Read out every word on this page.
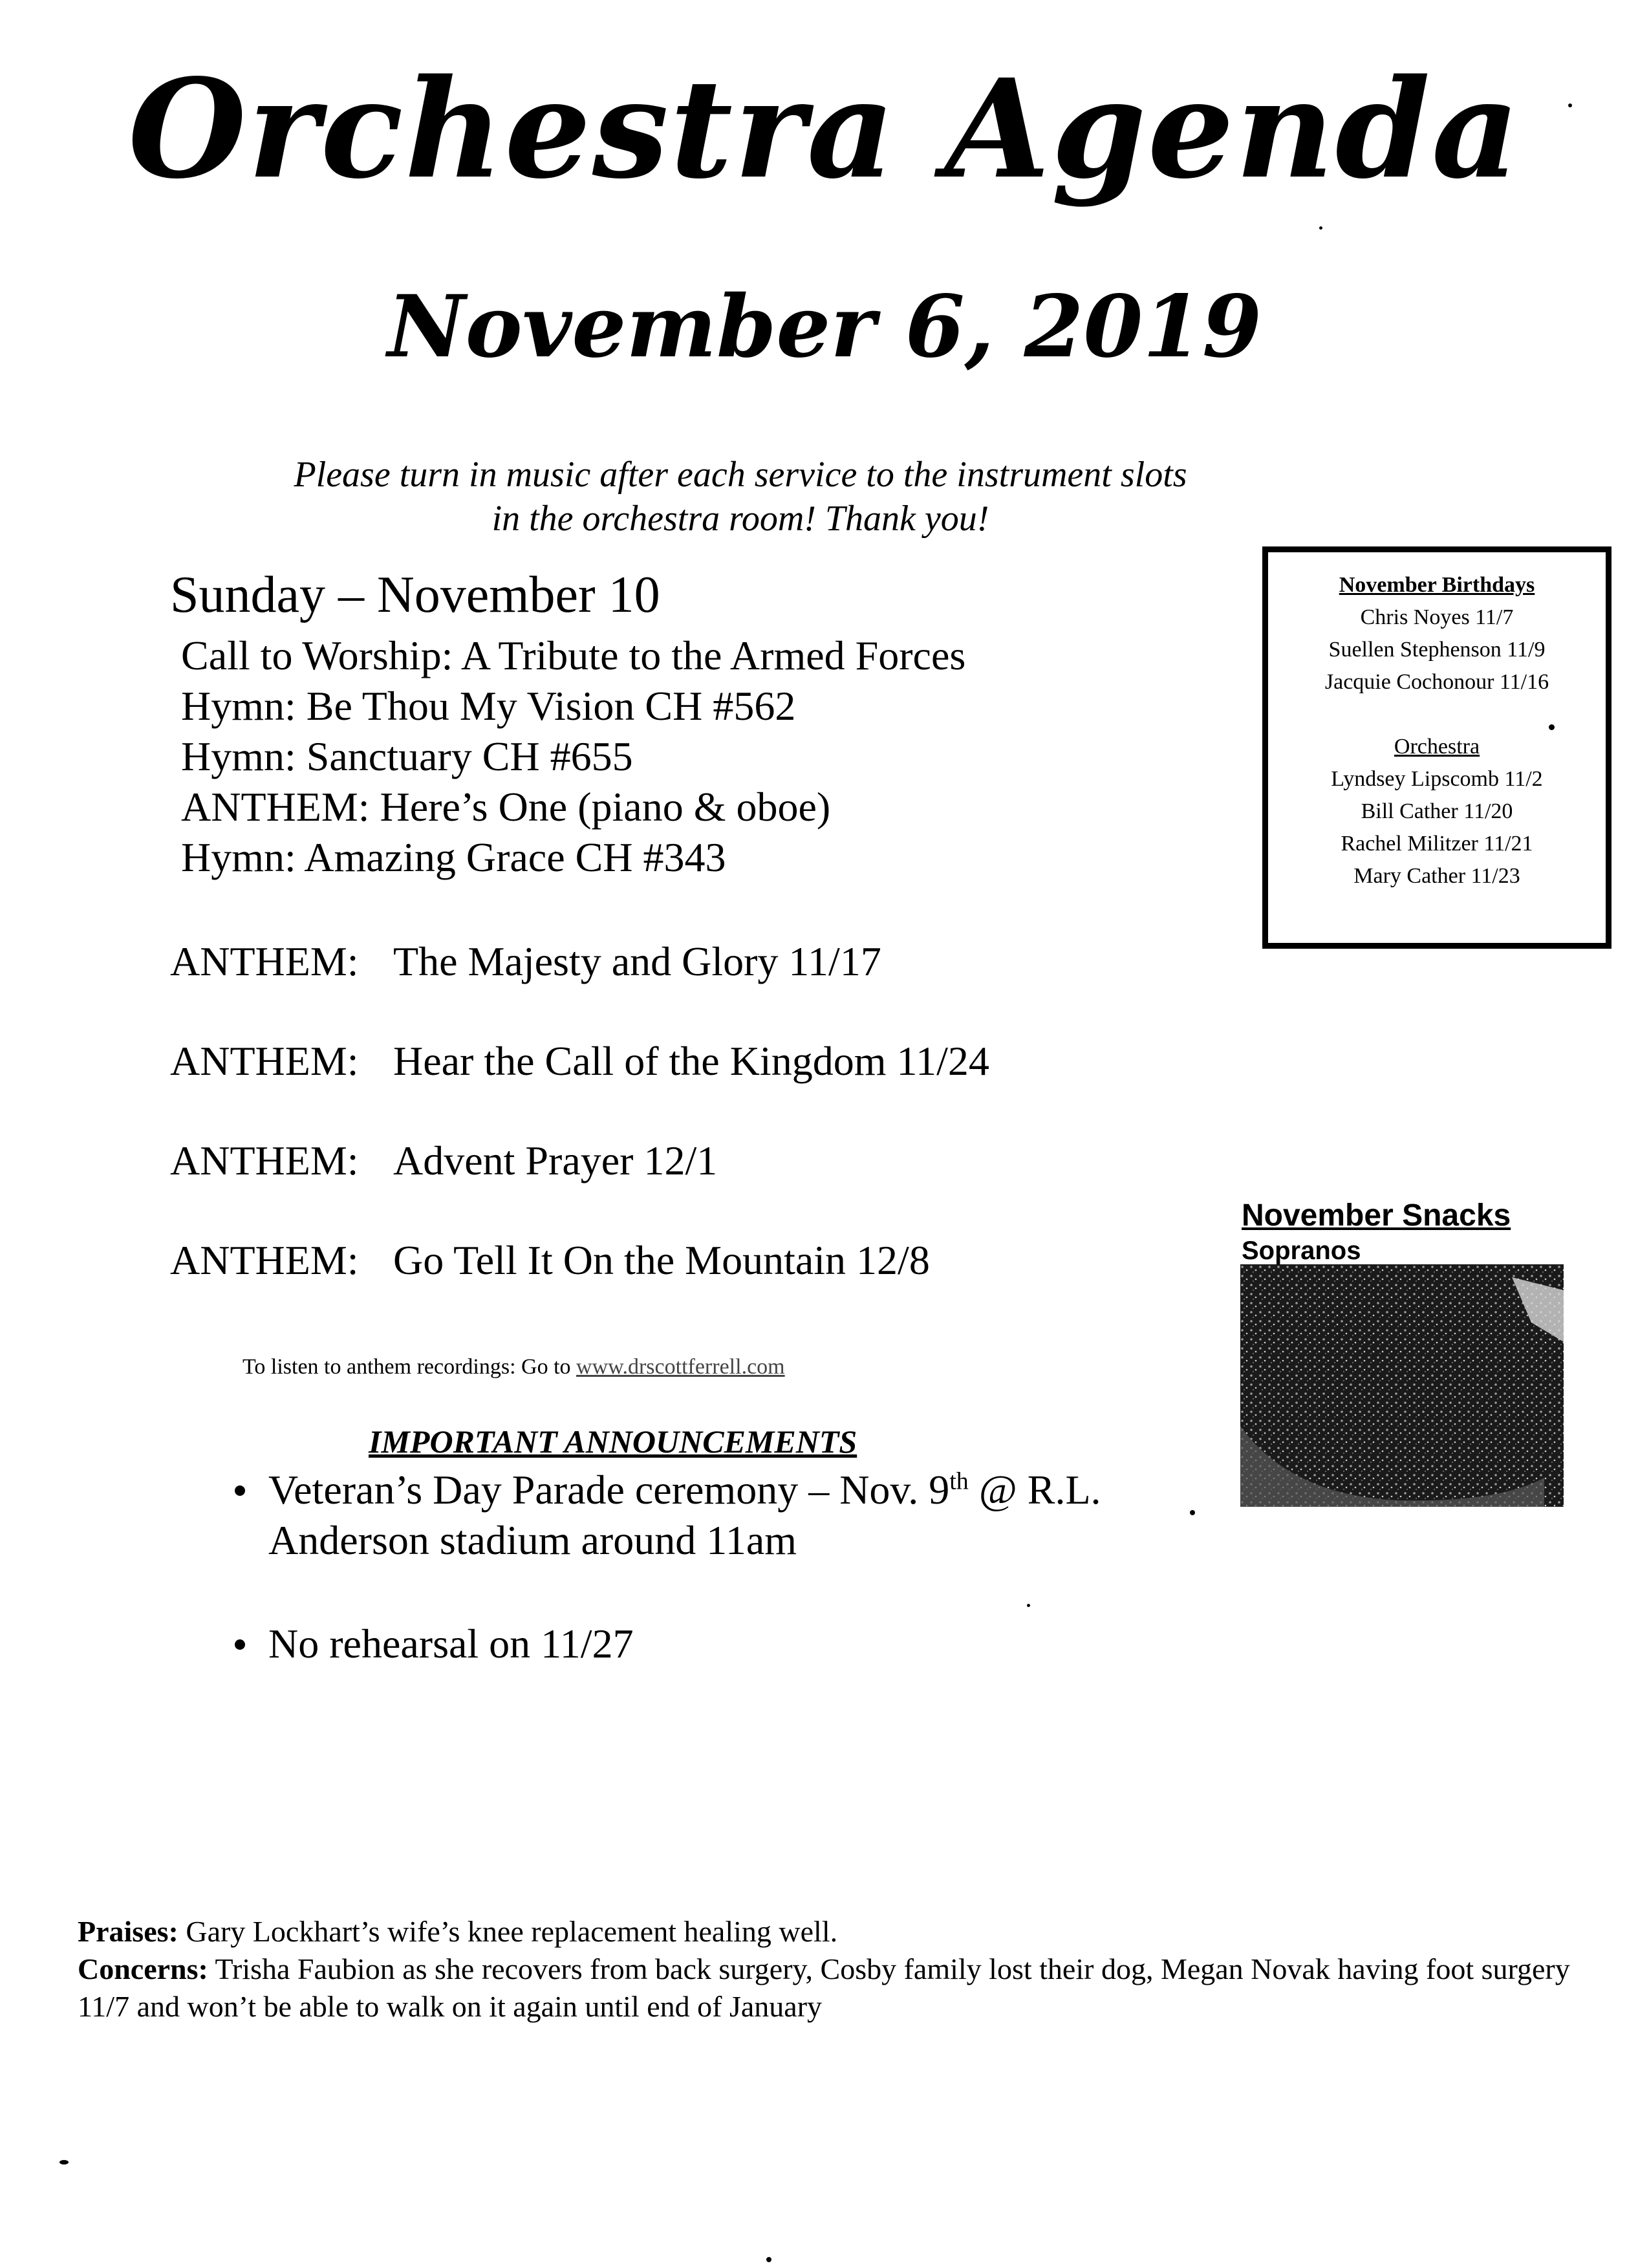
Orchestra Agenda
November 6, 2019
Please turn in music after each service to the instrument slots
in the orchestra room! Thank you!
Sunday – November 10
Call to Worship: A Tribute to the Armed Forces
Hymn: Be Thou My Vision CH #562
Hymn: Sanctuary CH #655
ANTHEM: Here’s One (piano & oboe)
Hymn: Amazing Grace CH #343
ANTHEM: The Majesty and Glory 11/17
ANTHEM: Hear the Call of the Kingdom 11/24
ANTHEM: Advent Prayer 12/1
ANTHEM: Go Tell It On the Mountain 12/8
To listen to anthem recordings: Go to www.drscottferrell.com
IMPORTANT ANNOUNCEMENTS
Veteran’s Day Parade ceremony – Nov. 9th @ R.L. Anderson stadium around 11am
No rehearsal on 11/27
November Birthdays
Chris Noyes 11/7
Suellen Stephenson 11/9
Jacquie Cochonour 11/16
Orchestra
Lyndsey Lipscomb 11/2
Bill Cather 11/20
Rachel Militzer 11/21
Mary Cather 11/23
November Snacks
Sopranos
Praises: Gary Lockhart’s wife’s knee replacement healing well.
Concerns: Trisha Faubion as she recovers from back surgery, Cosby family lost their dog, Megan Novak having foot surgery 11/7 and won’t be able to walk on it again until end of January
